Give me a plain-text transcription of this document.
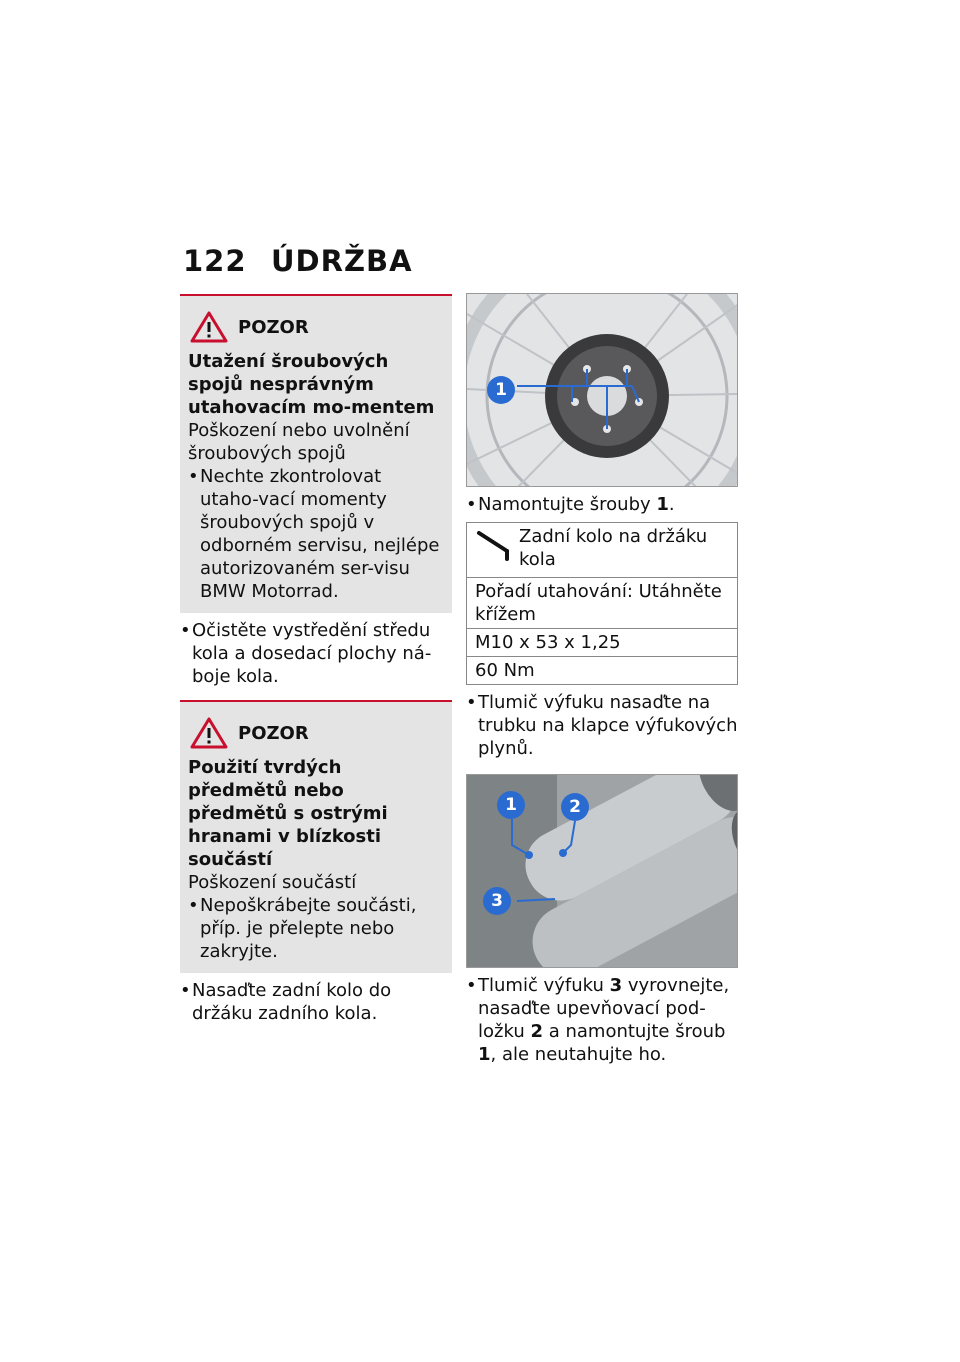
122 ÚDRŽBA
POZOR
Utažení šroubových spojů nesprávným utahovacím mo-mentem
Poškození nebo uvolnění šroubových spojů
• Nechte zkontrolovat utaho-vací momenty šroubových spojů v odborném servisu, nejlépe autorizovaném ser-visu BMW Motorrad.
• Očistěte vystředění středu kola a dosedací plochy ná-boje kola.
POZOR
Použití tvrdých předmětů nebo předmětů s ostrými hranami v blízkosti součástí
Poškození součástí
• Nepoškrábejte součásti, příp. je přelepte nebo zakryjte.
• Nasaďte zadní kolo do držáku zadního kola.
1
• Namontujte šrouby 1.
Zadní kolo na držáku kola
Pořadí utahování: Utáhněte křížem
M10 x 53 x 1,25
60 Nm
• Tlumič výfuku nasaďte na trubku na klapce výfukových plynů.
1	2
3
• Tlumič výfuku 3 vyrovnejte, nasaďte upevňovací pod-ložku 2 a namontujte šroub 1, ale neutahujte ho.
